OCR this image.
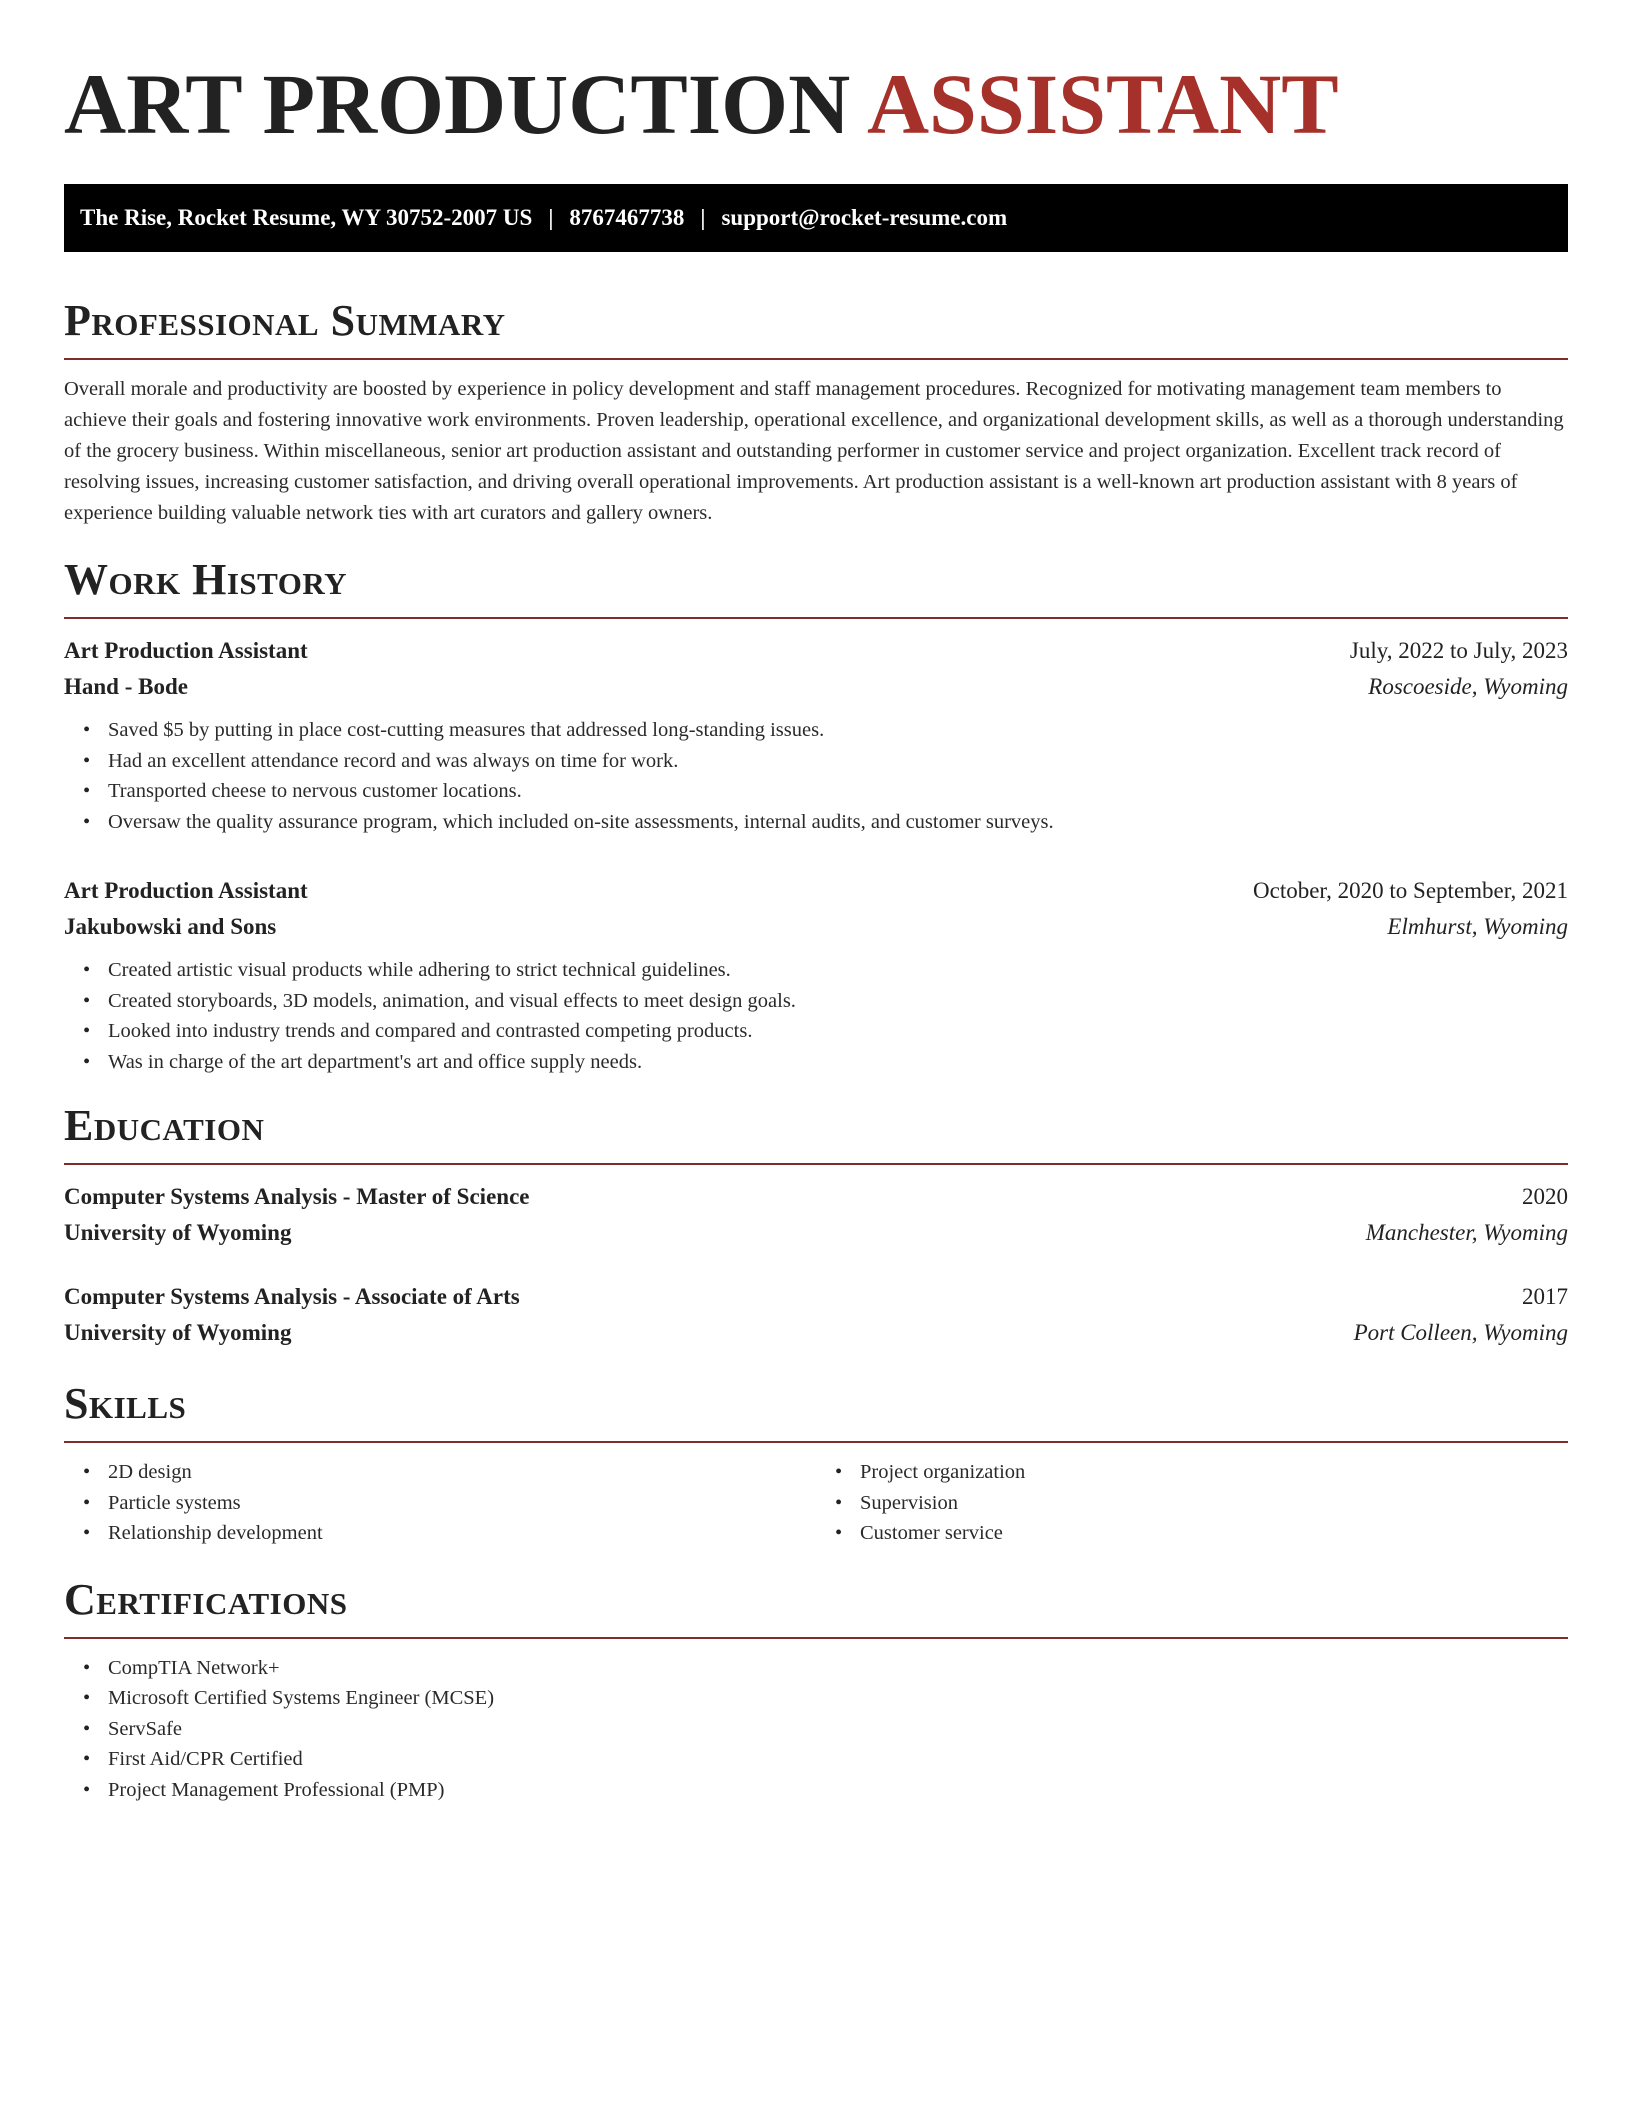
ART PRODUCTION ASSISTANT
The Rise, Rocket Resume, WY 30752-2007 US | 8767467738 | support@rocket-resume.com
Professional Summary

Overall morale and productivity are boosted by experience in policy development and staff management procedures. Recognized for motivating management team members to achieve their goals and fostering innovative work environments. Proven leadership, operational excellence, and organizational development skills, as well as a thorough understanding of the grocery business. Within miscellaneous, senior art production assistant and outstanding performer in customer service and project organization. Excellent track record of resolving issues, increasing customer satisfaction, and driving overall operational improvements. Art production assistant is a well-known art production assistant with 8 years of experience building valuable network ties with art curators and gallery owners.

Work History
Art Production Assistant	July, 2022 to July, 2023
Hand - Bode	Roscoeside, Wyoming
• Saved $5 by putting in place cost-cutting measures that addressed long-standing issues.
• Had an excellent attendance record and was always on time for work.
• Transported cheese to nervous customer locations.
• Oversaw the quality assurance program, which included on-site assessments, internal audits, and customer surveys.
Art Production Assistant	October, 2020 to September, 2021
Jakubowski and Sons	Elmhurst, Wyoming
• Created artistic visual products while adhering to strict technical guidelines.
• Created storyboards, 3D models, animation, and visual effects to meet design goals.
• Looked into industry trends and compared and contrasted competing products.
• Was in charge of the art department's art and office supply needs.
Education
Computer Systems Analysis - Master of Science	2020
University of Wyoming	Manchester, Wyoming
Computer Systems Analysis - Associate of Arts	2017
University of Wyoming	Port Colleen, Wyoming
Skills
• 2D design
• Particle systems
• Relationship development
• Project organization
• Supervision
• Customer service
Certifications
• CompTIA Network+
• Microsoft Certified Systems Engineer (MCSE)
• ServSafe
• First Aid/CPR Certified
• Project Management Professional (PMP)
